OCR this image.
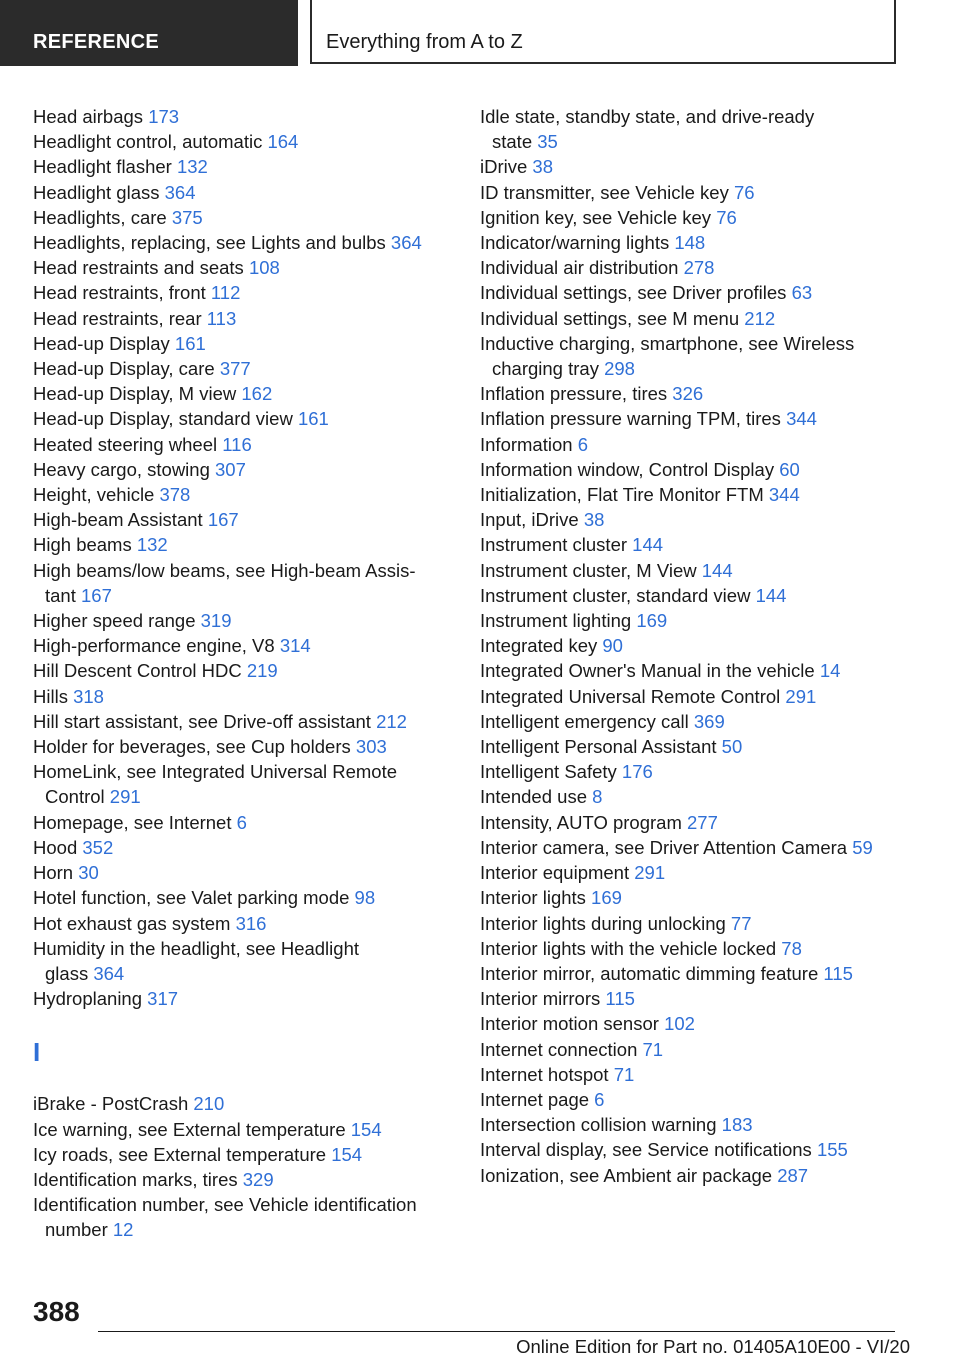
REFERENCE	Everything from A to Z
Head airbags 173
Headlight control, automatic 164
Headlight flasher 132
Headlight glass 364
Headlights, care 375
Headlights, replacing, see Lights and bulbs 364
Head restraints and seats 108
Head restraints, front 112
Head restraints, rear 113
Head-up Display 161
Head-up Display, care 377
Head-up Display, M view 162
Head-up Display, standard view 161
Heated steering wheel 116
Heavy cargo, stowing 307
Height, vehicle 378
High-beam Assistant 167
High beams 132
High beams/low beams, see High-beam Assis‐
tant 167
Higher speed range 319
High-performance engine, V8 314
Hill Descent Control HDC 219
Hills 318
Hill start assistant, see Drive-off assistant 212
Holder for beverages, see Cup holders 303
HomeLink, see Integrated Universal Remote
Control 291
Homepage, see Internet 6
Hood 352
Horn 30
Hotel function, see Valet parking mode 98
Hot exhaust gas system 316
Humidity in the headlight, see Headlight
glass 364
Hydroplaning 317
I
iBrake - PostCrash 210
Ice warning, see External temperature 154
Icy roads, see External temperature 154
Identification marks, tires 329
Identification number, see Vehicle identification
number 12
Idle state, standby state, and drive-ready
state 35
iDrive 38
ID transmitter, see Vehicle key 76
Ignition key, see Vehicle key 76
Indicator/warning lights 148
Individual air distribution 278
Individual settings, see Driver profiles 63
Individual settings, see M menu 212
Inductive charging, smartphone, see Wireless
charging tray 298
Inflation pressure, tires 326
Inflation pressure warning TPM, tires 344
Information 6
Information window, Control Display 60
Initialization, Flat Tire Monitor FTM 344
Input, iDrive 38
Instrument cluster 144
Instrument cluster, M View 144
Instrument cluster, standard view 144
Instrument lighting 169
Integrated key 90
Integrated Owner's Manual in the vehicle 14
Integrated Universal Remote Control 291
Intelligent emergency call 369
Intelligent Personal Assistant 50
Intelligent Safety 176
Intended use 8
Intensity, AUTO program 277
Interior camera, see Driver Attention Camera 59
Interior equipment 291
Interior lights 169
Interior lights during unlocking 77
Interior lights with the vehicle locked 78
Interior mirror, automatic dimming feature 115
Interior mirrors 115
Interior motion sensor 102
Internet connection 71
Internet hotspot 71
Internet page 6
Intersection collision warning 183
Interval display, see Service notifications 155
Ionization, see Ambient air package 287
388
Online Edition for Part no. 01405A10E00 - VI/20
